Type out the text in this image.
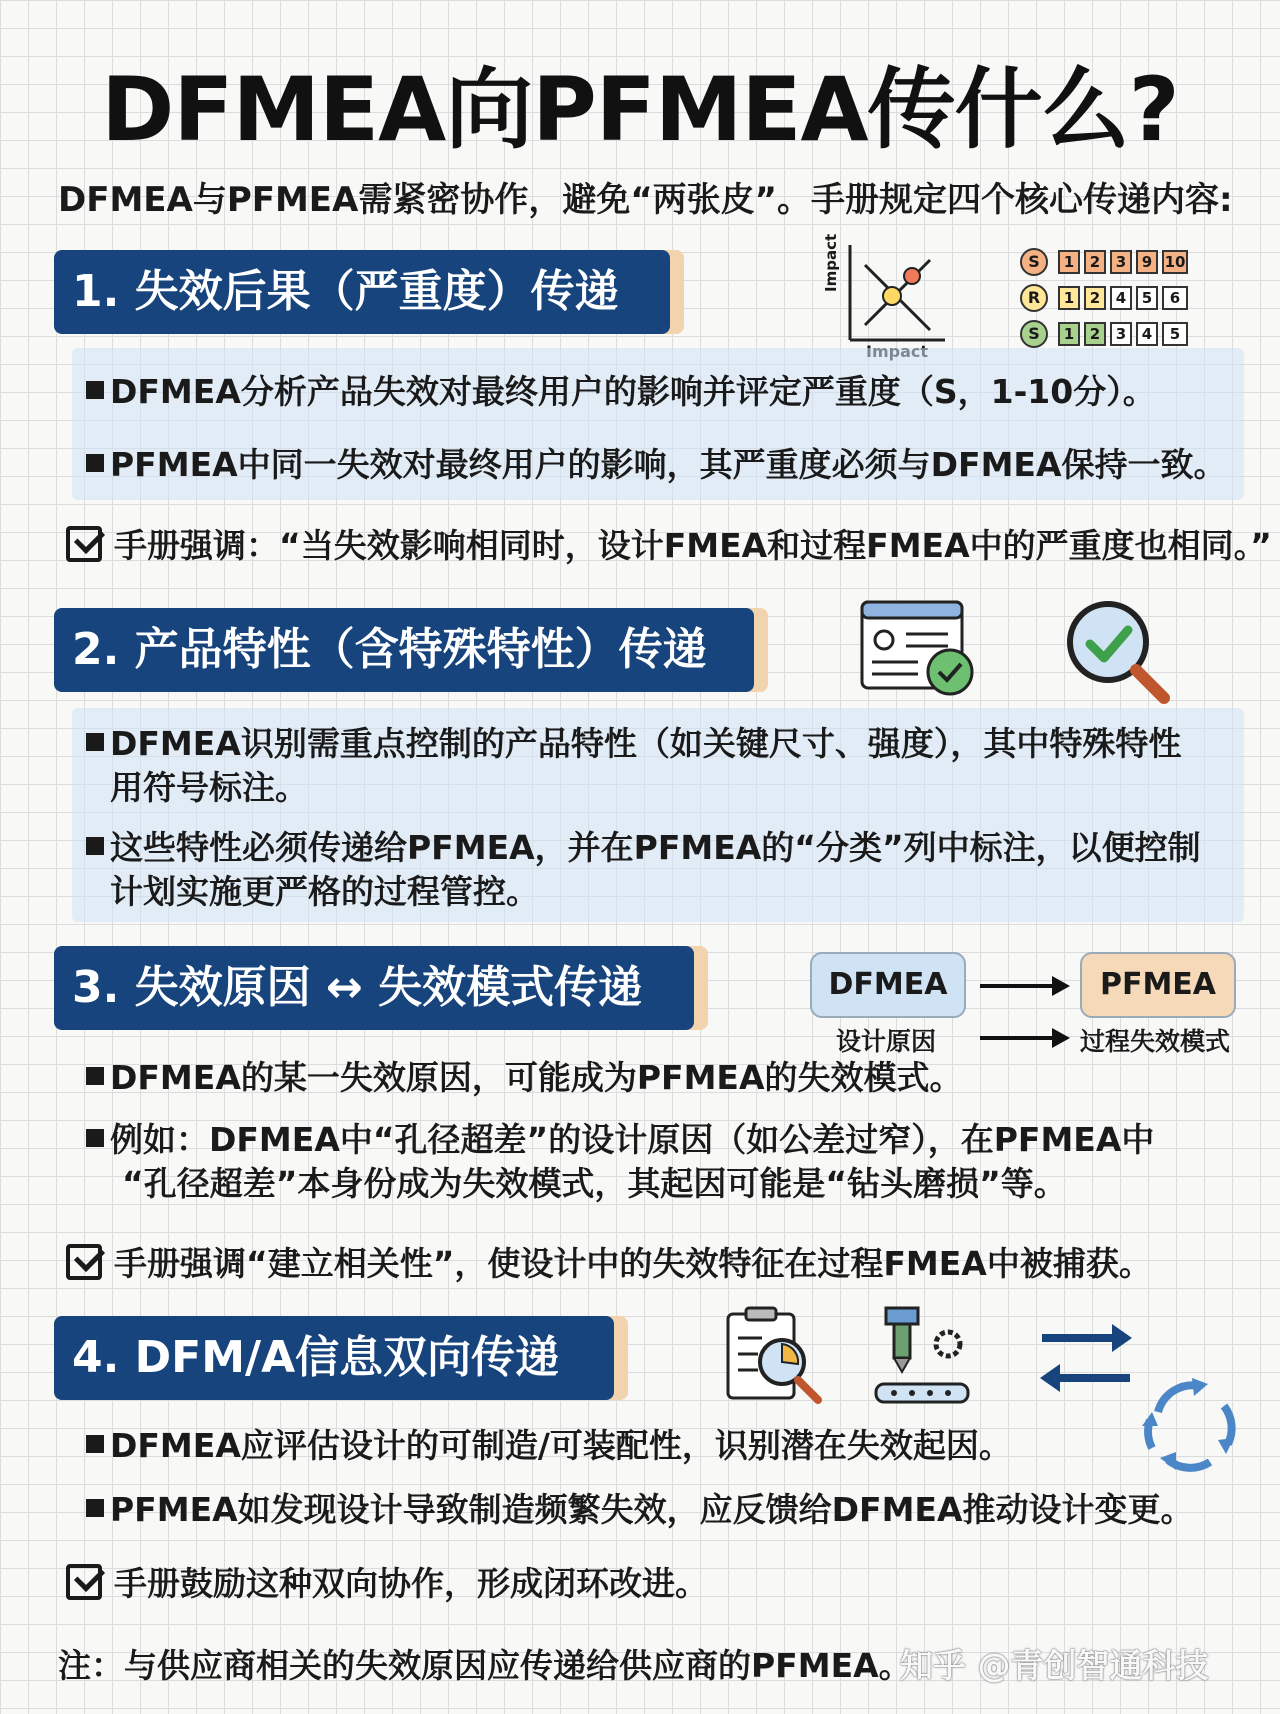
DFMEA向PFMEA传什么?
DFMEA与PFMEA需紧密协作，避免“两张皮”。手册规定四个核心传递内容:
1. 失效后果（严重度）传递	Impact	S	1	2	3	9 10
R	1	2	4	5	6
S	1	2	3	4	5
DFMEA分析产品失效对最终用户的影响并评定严重度（S，1-10分）。
PFMEA中同一失效对最终用户的影响，其严重度必须与DFMEA保持一致。
手册强调：“当失效影响相同时，设计FMEA和过程FMEA中的严重度也相同。”
2. 产品特性（含特殊特性）传递
DFMEA识别需重点控制的产品特性（如关键尺寸、强度），其中特殊特性
用符号标注。
这些特性必须传递给PFMEA，并在PFMEA的“分类”列中标注，以便控制
计划实施更严格的过程管控。
3. 失效原因 ↔ 失效模式传递	DFMEA	PFMEA
设计原因	过程失效模式
DFMEA的某一失效原因，可能成为PFMEA的失效模式。
例如：DFMEA中“孔径超差”的设计原因（如公差过窄），在PFMEA中
“孔径超差”本身份成为失效模式，其起因可能是“钻头磨损”等。
手册强调“建立相关性”，使设计中的失效特征在过程FMEA中被捕获。
4. DFM/A信息双向传递
DFMEA应评估设计的可制造/可装配性，识别潜在失效起因。
PFMEA如发现设计导致制造频繁失效，应反馈给DFMEA推动设计变更。
手册鼓励这种双向协作，形成闭环改进。
注：与供应商相关的失效原因应传递给供应商的PFMEA。
知乎 @青创智通科技
